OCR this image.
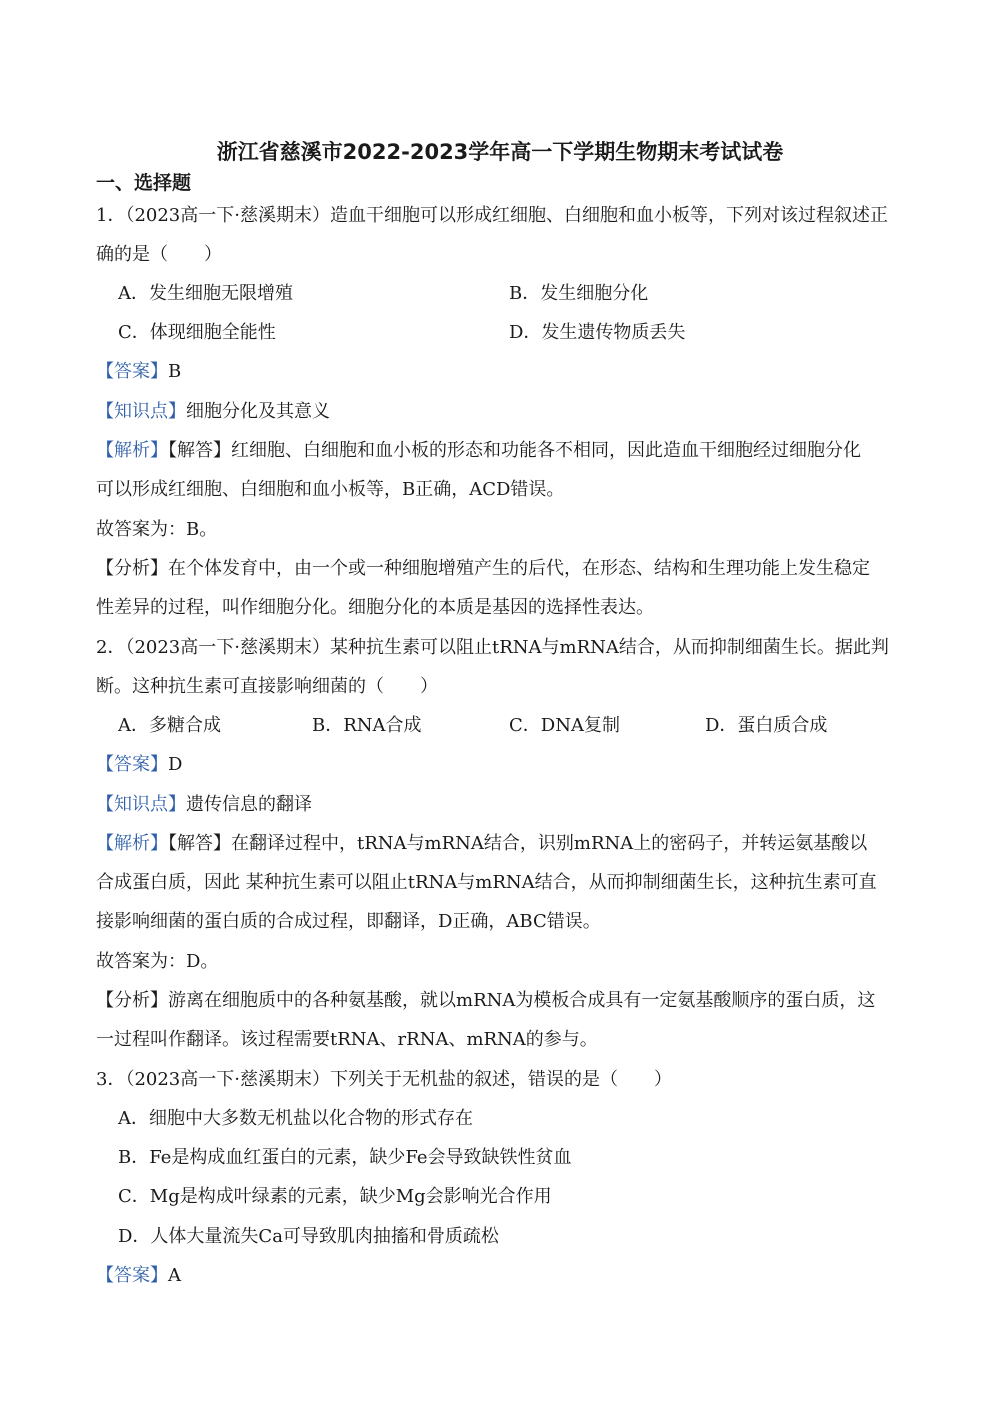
浙江省慈溪市2022-2023学年高一下学期生物期末考试试卷
一、选择题
1．（2023高一下·慈溪期末）造血干细胞可以形成红细胞、白细胞和血小板等，下列对该过程叙述正
确的是（　　）
A．发生细胞无限增殖	B．发生细胞分化
C．体现细胞全能性	D．发生遗传物质丢失
【答案】B
【知识点】细胞分化及其意义
【解析】【解答】红细胞、白细胞和血小板的形态和功能各不相同，因此造血干细胞经过细胞分化
可以形成红细胞、白细胞和血小板等，B正确，ACD错误。
故答案为：B。
【分析】在个体发育中，由一个或一种细胞增殖产生的后代，在形态、结构和生理功能上发生稳定
性差异的过程，叫作细胞分化。细胞分化的本质是基因的选择性表达。
2．（2023高一下·慈溪期末）某种抗生素可以阻止tRNA与mRNA结合，从而抑制细菌生长。据此判
断。这种抗生素可直接影响细菌的（　　）
A．多糖合成	B．RNA合成	C．DNA复制	D．蛋白质合成
【答案】D
【知识点】遗传信息的翻译
【解析】【解答】在翻译过程中，tRNA与mRNA结合，识别mRNA上的密码子，并转运氨基酸以
合成蛋白质，因此 某种抗生素可以阻止tRNA与mRNA结合，从而抑制细菌生长，这种抗生素可直
接影响细菌的蛋白质的合成过程，即翻译，D正确，ABC错误。
故答案为：D。
【分析】游离在细胞质中的各种氨基酸，就以mRNA为模板合成具有一定氨基酸顺序的蛋白质，这
一过程叫作翻译。该过程需要tRNA、rRNA、mRNA的参与。
3．（2023高一下·慈溪期末）下列关于无机盐的叙述，错误的是（　　）
A．细胞中大多数无机盐以化合物的形式存在
B．Fe是构成血红蛋白的元素，缺少Fe会导致缺铁性贫血
C．Mg是构成叶绿素的元素，缺少Mg会影响光合作用
D．人体大量流失Ca可导致肌肉抽搐和骨质疏松
【答案】A
